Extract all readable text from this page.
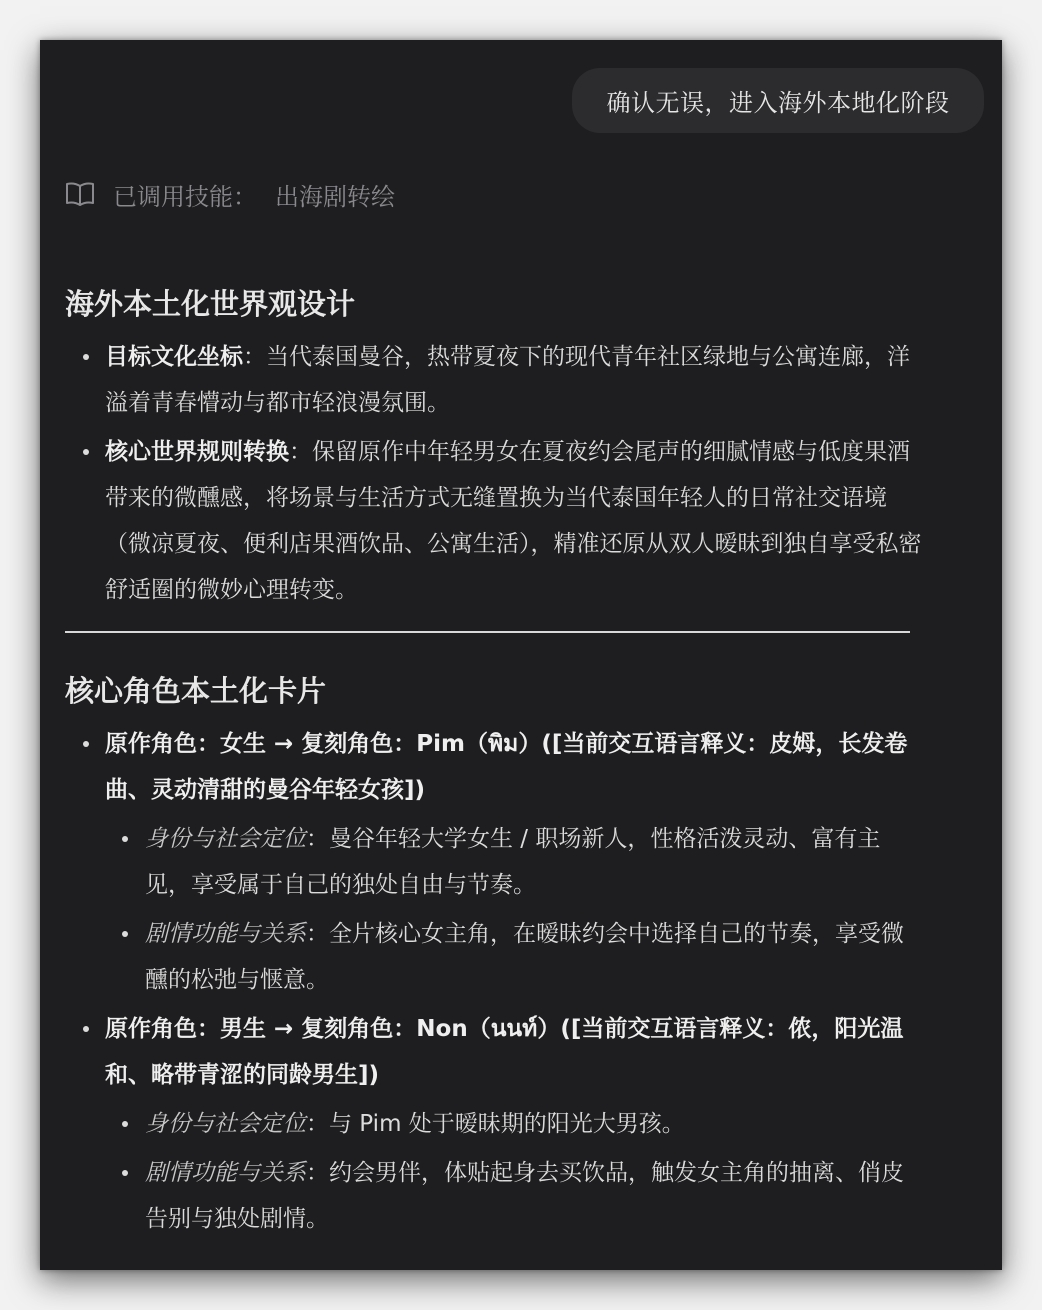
确认无误，进入海外本地化阶段
已调用技能： 出海剧转绘
海外本土化世界观设计
目标文化坐标：当代泰国曼谷，热带夏夜下的现代青年社区绿地与公寓连廊，洋溢着青春懵动与都市轻浪漫氛围。
核心世界规则转换：保留原作中年轻男女在夏夜约会尾声的细腻情感与低度果酒带来的微醺感，将场景与生活方式无缝置换为当代泰国年轻人的日常社交语境（微凉夏夜、便利店果酒饮品、公寓生活），精准还原从双人暧昧到独自享受私密舒适圈的微妙心理转变。
核心角色本土化卡片
原作角色：女生 → 复刻角色：Pim（พิม）([当前交互语言释义：皮姆，长发卷曲、灵动清甜的曼谷年轻女孩])
身份与社会定位：曼谷年轻大学女生 / 职场新人，性格活泼灵动、富有主见，享受属于自己的独处自由与节奏。
剧情功能与关系：全片核心女主角，在暧昧约会中选择自己的节奏，享受微醺的松弛与惬意。
原作角色：男生 → 复刻角色：Non（นนท์）([当前交互语言释义：侬，阳光温和、略带青涩的同龄男生])
身份与社会定位：与 Pim 处于暧昧期的阳光大男孩。
剧情功能与关系：约会男伴，体贴起身去买饮品，触发女主角的抽离、俏皮告别与独处剧情。
